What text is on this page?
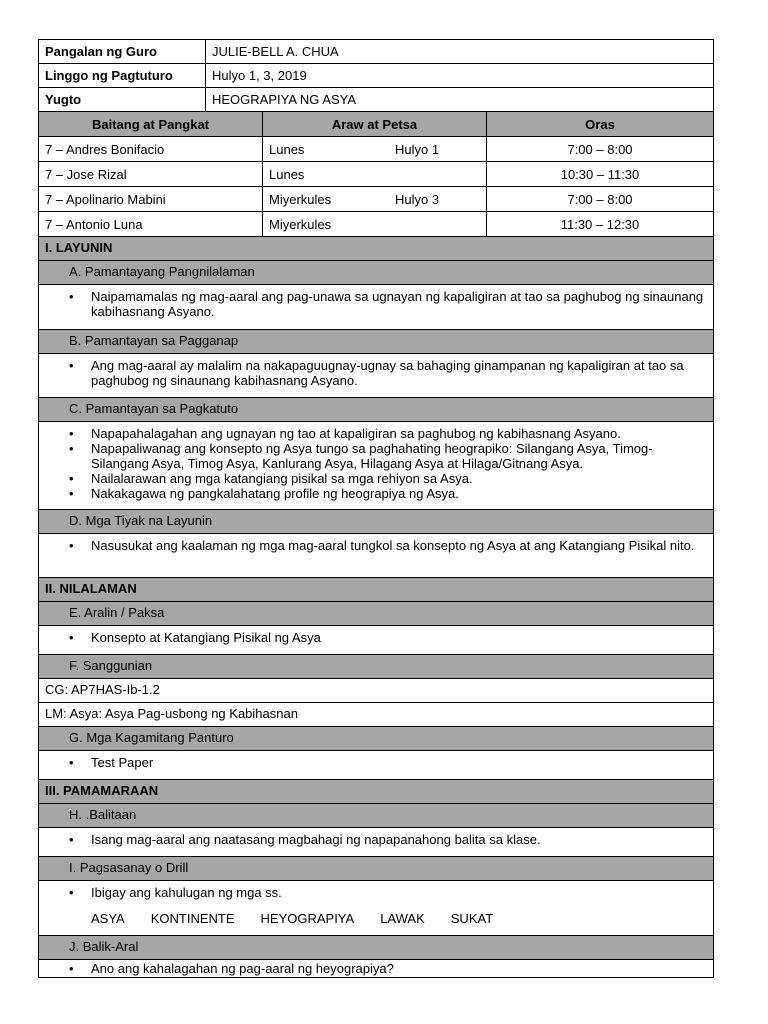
Pangalan ng Guro	JULIE-BELL A. CHUA
Linggo ng Pagtuturo	Hulyo 1, 3, 2019
Yugto	HEOGRAPIYA NG ASYA
Baitang at Pangkat	Araw at Petsa	Oras
7 – Andres Bonifacio	Lunes	Hulyo 1	7:00 – 8:00
7 – Jose Rizal	Lunes	10:30 – 11:30
7 – Apolinario Mabini	Miyerkules	Hulyo 3	7:00 – 8:00
7 – Antonio Luna	Miyerkules	11:30 – 12:30
I. LAYUNIN
A. Pamantayang Pangnilalaman
• Naipamamalas ng mag-aaral ang pag-unawa sa ugnayan ng kapaligiran at tao sa paghubog ng sinaunang kabihasnang Asyano.
B. Pamantayan sa Pagganap
• Ang mag-aaral ay malalim na nakapaguugnay-ugnay sa bahaging ginampanan ng kapaligiran at tao sa paghubog ng sinaunang kabihasnang Asyano.
C. Pamantayan sa Pagkatuto
• Napapahalagahan ang ugnayan ng tao at kapaligiran sa paghubog ng kabihasnang Asyano.
• Napapaliwanag ang konsepto ng Asya tungo sa paghahating heograpiko: Silangang Asya, Timog-Silangang Asya, Timog Asya, Kanlurang Asya, Hilagang Asya at Hilaga/Gitnang Asya.
• Nailalarawan ang mga katangiang pisikal sa mga rehiyon sa Asya.
• Nakakagawa ng pangkalahatang profile ng heograpiya ng Asya.
D. Mga Tiyak na Layunin
• Nasusukat ang kaalaman ng mga mag-aaral tungkol sa konsepto ng Asya at ang Katangiang Pisikal nito.
II. NILALAMAN
E. Aralin / Paksa
• Konsepto at Katangiang Pisikal ng Asya
F. Sanggunian
CG: AP7HAS-Ib-1.2
LM: Asya: Asya Pag-usbong ng Kabihasnan
G. Mga Kagamitang Panturo
• Test Paper
III. PAMAMARAAN
H. .Balitaan
• Isang mag-aaral ang naatasang magbahagi ng napapanahong balita sa klase.
I. Pagsasanay o Drill
• Ibigay ang kahulugan ng mga ss.
ASYA KONTINENTE HEYOGRAPIYA LAWAK SUKAT
J. Balik-Aral
• Ano ang kahalagahan ng pag-aaral ng heyograpiya?
